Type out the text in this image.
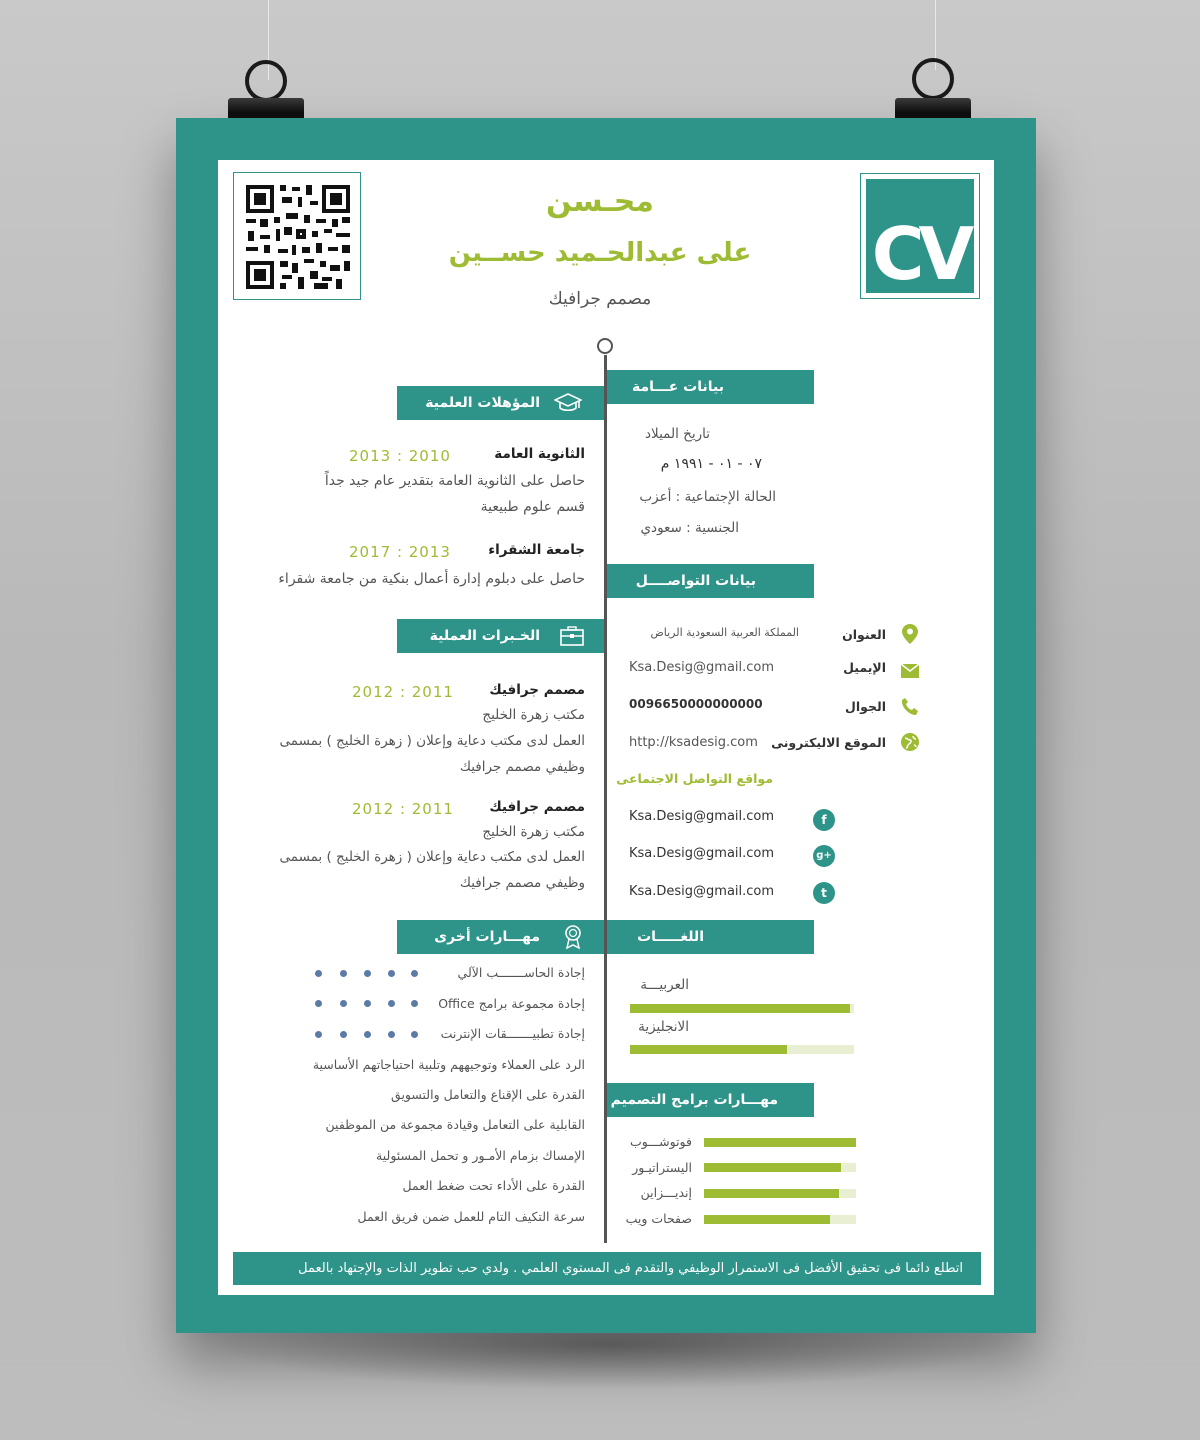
CV
محـسن
على عبدالحـميد حســين
مصمم جرافيك
بيانات عـــامة
تاريخ الميلاد
٠٧ - ٠١ - ١٩٩١ م
الحالة الإجتماعية : أعزب
الجنسية : سعودي
بيانات التواصــــل
العنوان
المملكة العربية السعودية الرياض
الإيميل
Ksa.Desig@gmail.com
الجوال
0096650000000000
الموقع الاليكترونى
http://ksadesig.com
مواقع التواصل الاجتماعى
Ksa.Desig@gmail.com	f
Ksa.Desig@gmail.com	g+
Ksa.Desig@gmail.com	t
اللغـــــات
العربيـــة
الانجليزية
مهـــارات برامج التصميم
فوتوشـــوب
اليستراتيـور
إنديـــزاين
صفحات ويب
المؤهلات العلمية
الثانوية العامة
2013 : 2010
حاصل على الثانوية العامة بتقدير عام جيد جداً
قسم علوم طبيعية
جامعة الشقراء
2017 : 2013
حاصل على دبلوم إدارة أعمال بنكية من جامعة شقراء
الخـبرات العملية
مصمم جرافيك
2012 : 2011
مكتب زهرة الخليج
العمل لدى مكتب دعاية وإعلان ( زهرة الخليج ) بمسمى
وظيفي مصمم جرافيك
مصمم جرافيك
2012 : 2011
مكتب زهرة الخليج
العمل لدى مكتب دعاية وإعلان ( زهرة الخليج ) بمسمى
وظيفي مصمم جرافيك
مهـــارات أخرى
إجادة الحاســـــــب الآلي
إجادة مجموعة برامج Office
إجادة تطبيـــــــقات الإنترنت
الرد على العملاء وتوجيههم وتلبية احتياجاتهم الأساسية
القدرة على الإقناع والتعامل والتسويق
القابلية على التعامل وقيادة مجموعة من الموظفين
الإمساك بزمام الأمـور و تحمل المسئولية
القدرة على الأداء تحت ضغط العمل
سرعة التكيف التام للعمل ضمن فريق العمل
اتطلع دائما فى تحقيق الأفضل فى الاستمرار الوظيفي والتقدم فى المستوي العلمي . ولدي حب تطوير الذات والإجتهاد بالعمل
